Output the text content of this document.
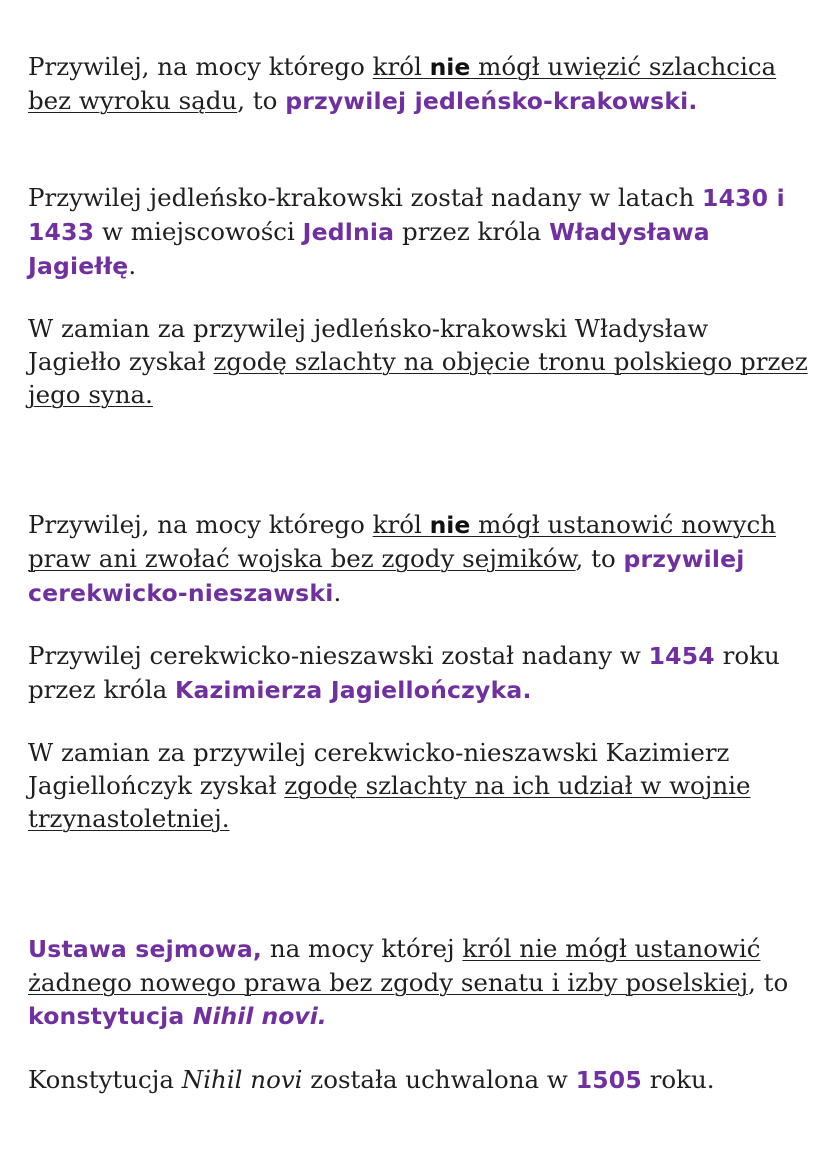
Przywilej, na mocy którego król nie mógł uwięzić szlachcica bez wyroku sądu, to przywilej jedleńsko-krakowski.

Przywilej jedleńsko-krakowski został nadany w latach 1430 i 1433 w miejscowości Jedlnia przez króla Władysława Jagiełłę.

W zamian za przywilej jedleńsko-krakowski Władysław Jagiełło zyskał zgodę szlachty na objęcie tronu polskiego przez jego syna.

Przywilej, na mocy którego król nie mógł ustanowić nowych praw ani zwołać wojska bez zgody sejmików, to przywilej cerekwicko-nieszawski.

Przywilej cerekwicko-nieszawski został nadany w 1454 roku przez króla Kazimierza Jagiellończyka.

W zamian za przywilej cerekwicko-nieszawski Kazimierz Jagiellończyk zyskał zgodę szlachty na ich udział w wojnie trzynastoletniej.

Ustawa sejmowa, na mocy której król nie mógł ustanowić żadnego nowego prawa bez zgody senatu i izby poselskiej, to konstytucja Nihil novi.

Konstytucja Nihil novi została uchwalona w 1505 roku.
